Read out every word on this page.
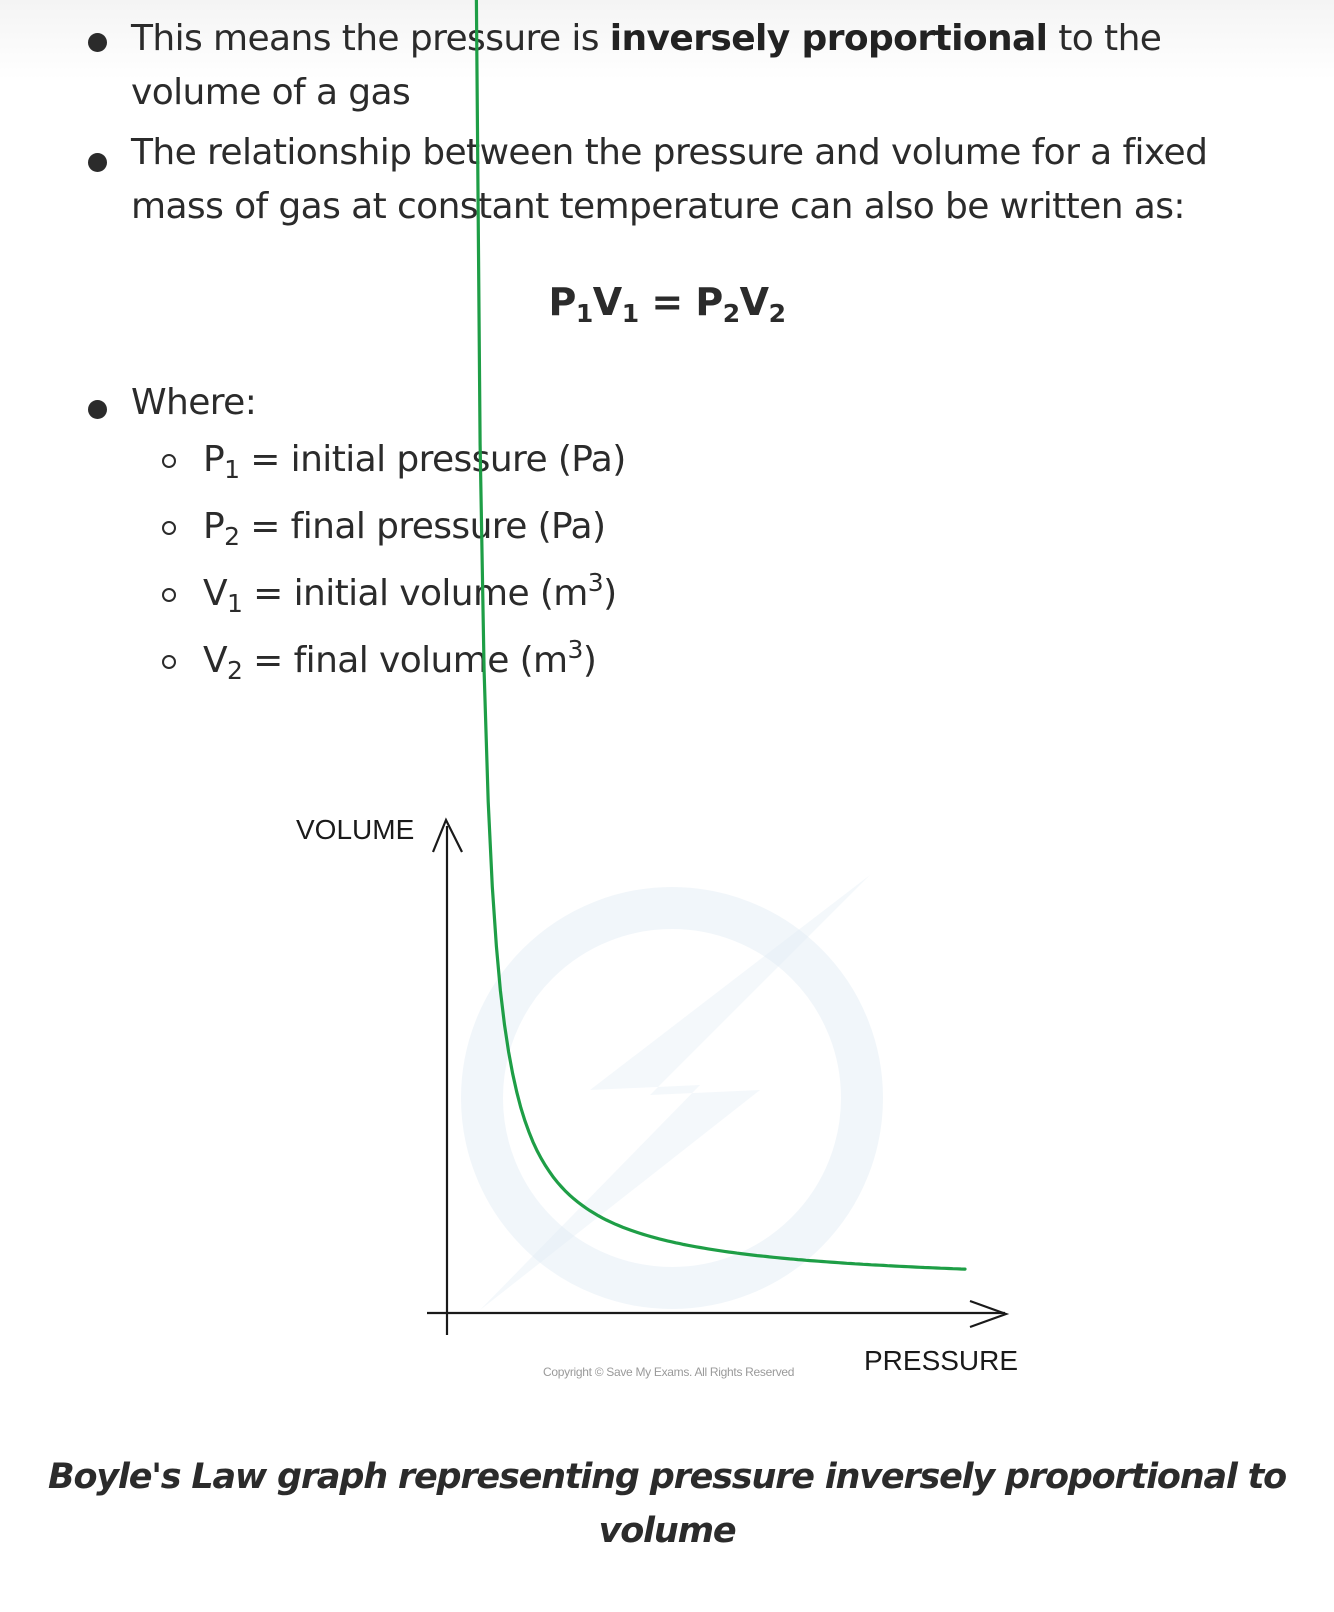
This means the pressure is inversely proportional to the volume of a gas
The relationship between the pressure and volume for a fixed mass of gas at constant temperature can also be written as:
$P_1V_1 = P_2V_2$
Where:
$P_1$ = initial pressure (Pa)
$P_2$ = final pressure (Pa)
$V_1$ = initial volume $(m^3)$
$V_2$ = final volume $(m^3)$
VOLUME
PRESSURE
Copyright © Save My Exams. All Rights Reserved
Boyle's Law graph representing pressure inversely proportional to volume
